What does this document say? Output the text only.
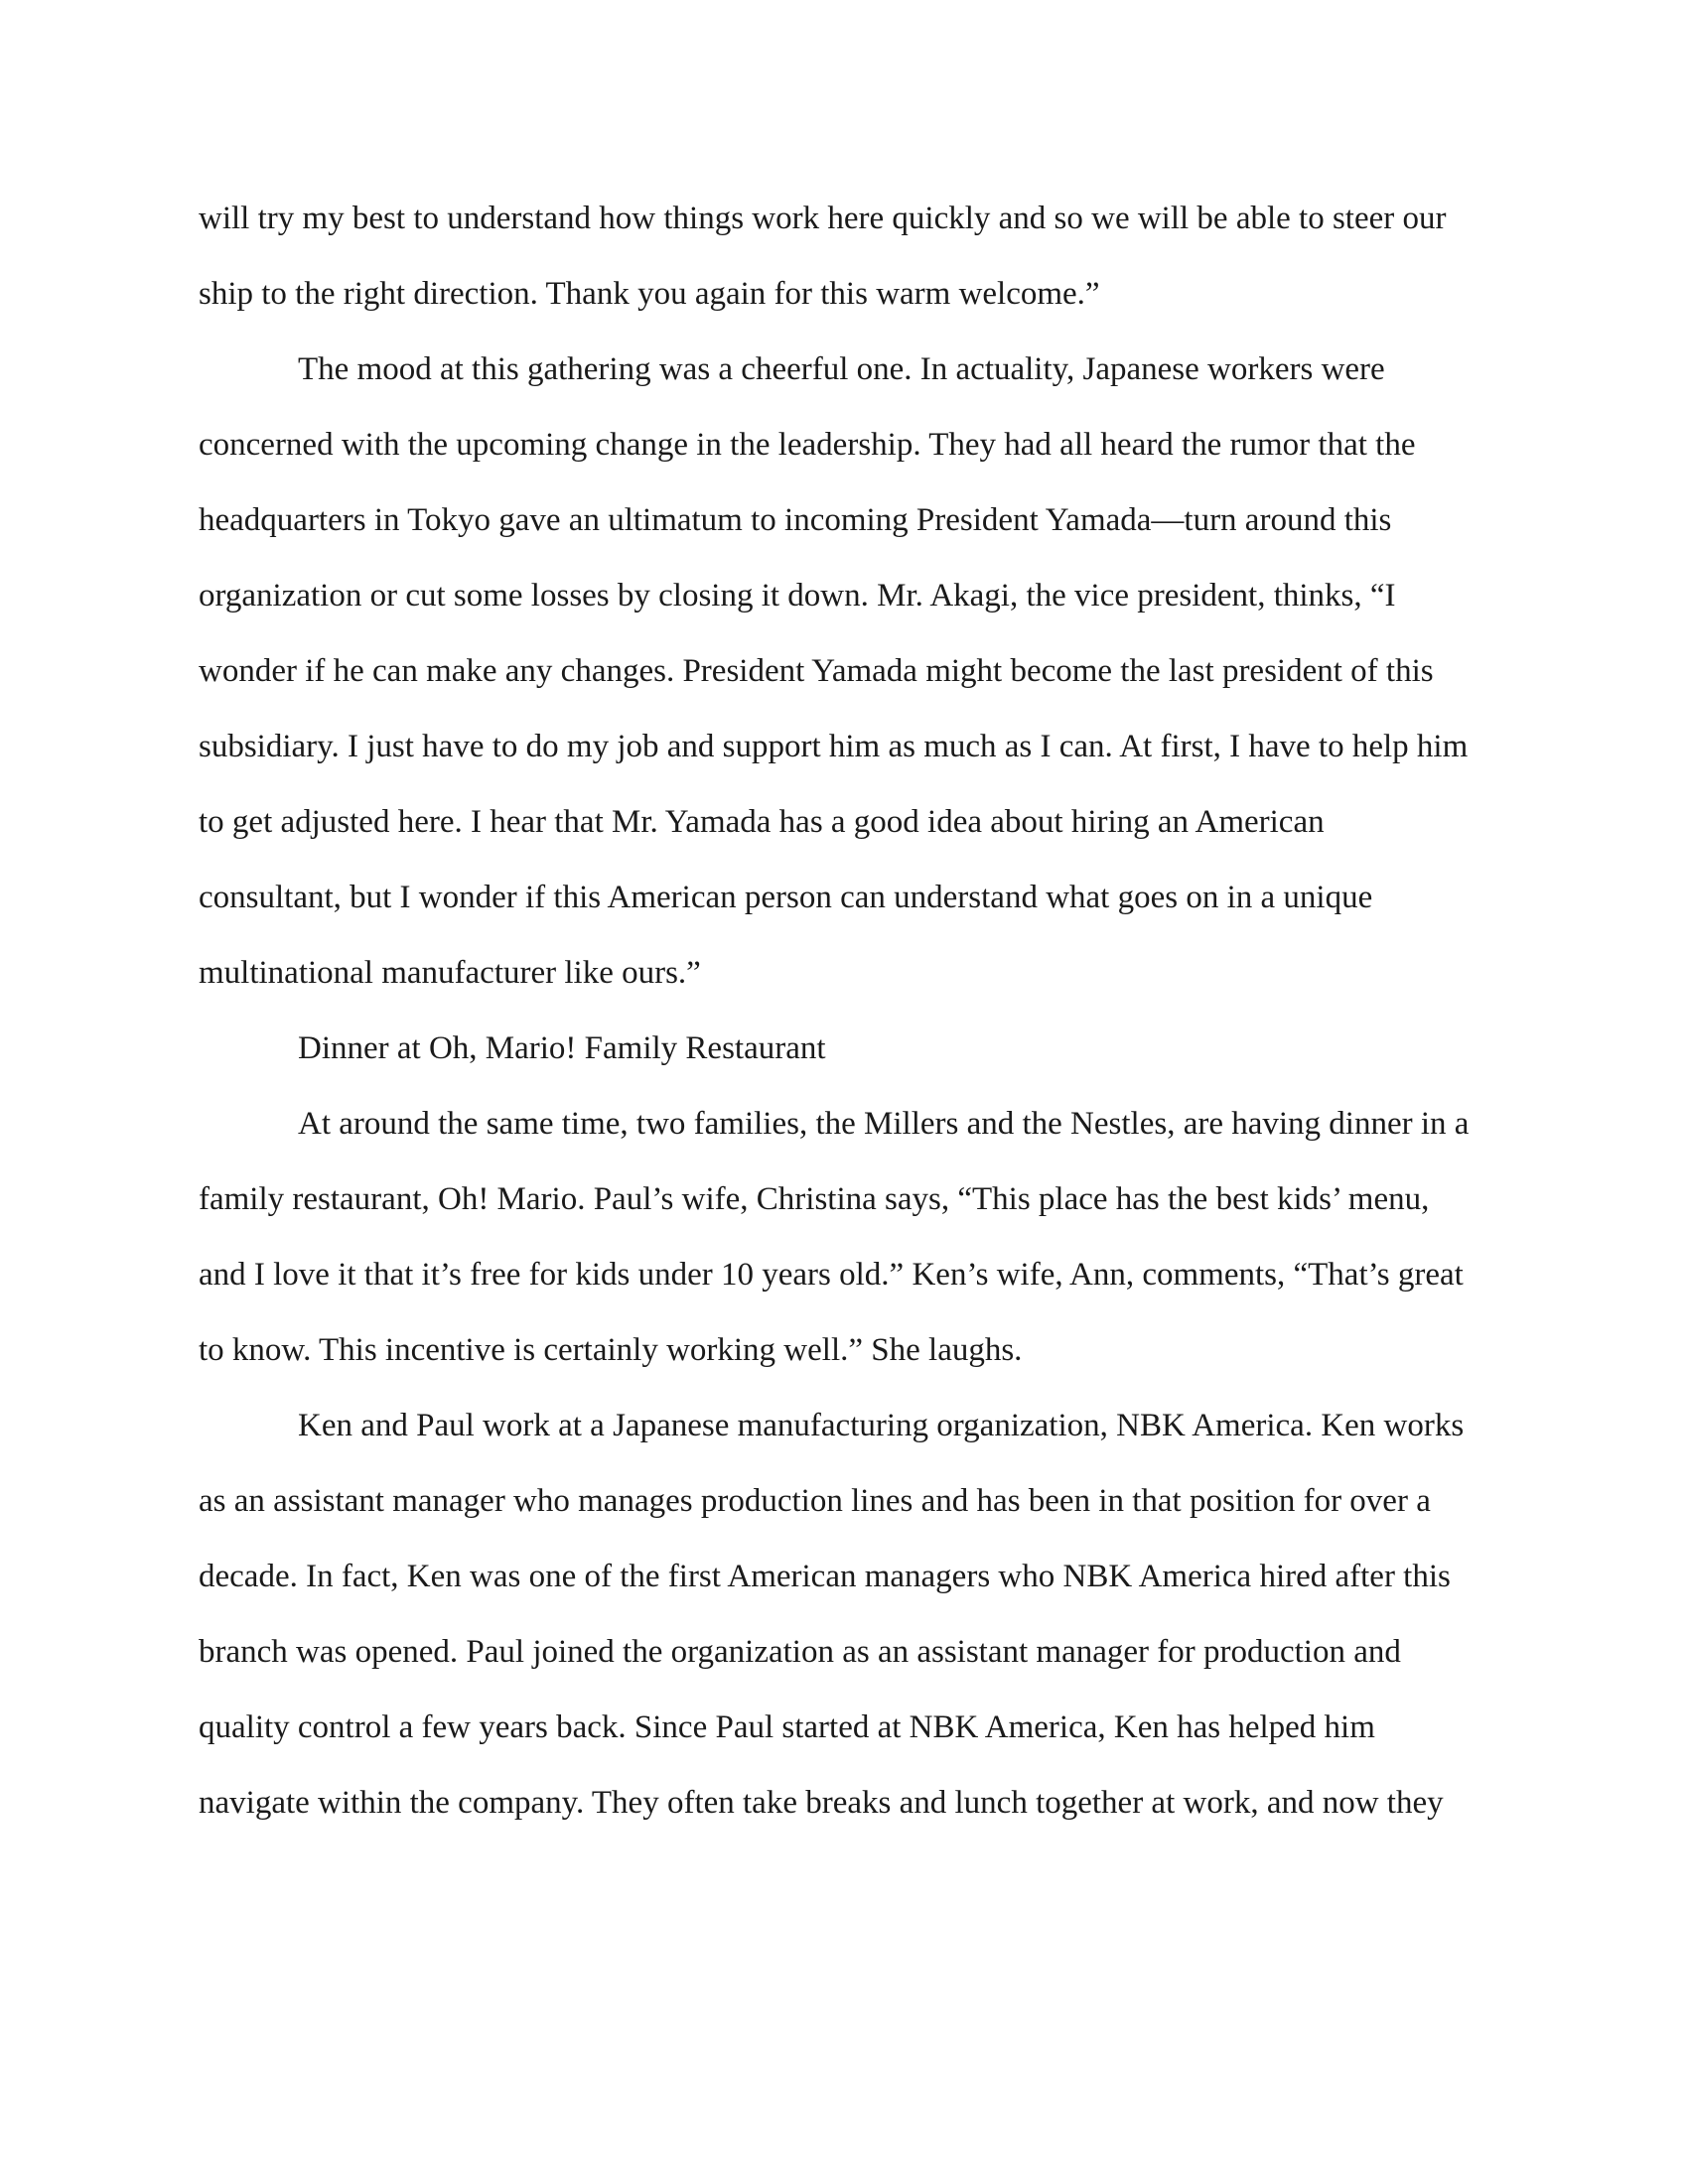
will try my best to understand how things work here quickly and so we will be able to steer our
ship to the right direction. Thank you again for this warm welcome.”
The mood at this gathering was a cheerful one. In actuality, Japanese workers were
concerned with the upcoming change in the leadership. They had all heard the rumor that the
headquarters in Tokyo gave an ultimatum to incoming President Yamada—turn around this
organization or cut some losses by closing it down. Mr. Akagi, the vice president, thinks, “I
wonder if he can make any changes. President Yamada might become the last president of this
subsidiary. I just have to do my job and support him as much as I can. At first, I have to help him
to get adjusted here. I hear that Mr. Yamada has a good idea about hiring an American
consultant, but I wonder if this American person can understand what goes on in a unique
multinational manufacturer like ours.”
Dinner at Oh, Mario! Family Restaurant
At around the same time, two families, the Millers and the Nestles, are having dinner in a
family restaurant, Oh! Mario. Paul’s wife, Christina says, “This place has the best kids’ menu,
and I love it that it’s free for kids under 10 years old.” Ken’s wife, Ann, comments, “That’s great
to know. This incentive is certainly working well.” She laughs.
Ken and Paul work at a Japanese manufacturing organization, NBK America. Ken works
as an assistant manager who manages production lines and has been in that position for over a
decade. In fact, Ken was one of the first American managers who NBK America hired after this
branch was opened. Paul joined the organization as an assistant manager for production and
quality control a few years back. Since Paul started at NBK America, Ken has helped him
navigate within the company. They often take breaks and lunch together at work, and now they
